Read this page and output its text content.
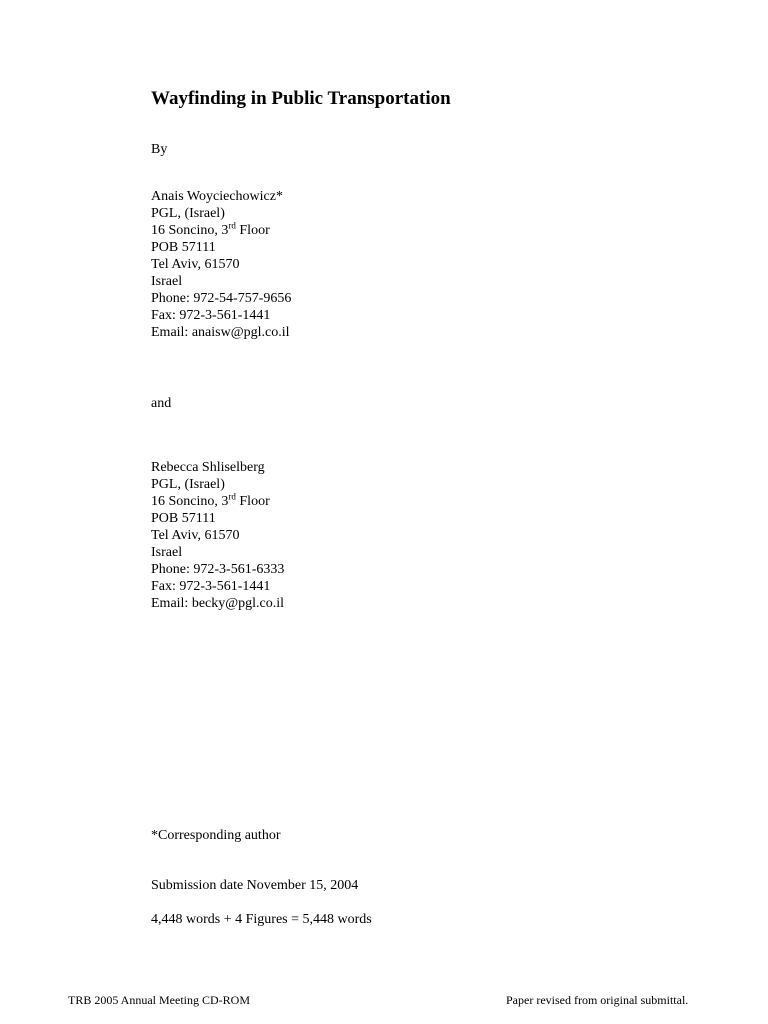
Wayfinding in Public Transportation
By
Anais Woyciechowicz*
PGL, (Israel)
16 Soncino, 3rd Floor
POB 57111
Tel Aviv, 61570
Israel
Phone: 972-54-757-9656
Fax: 972-3-561-1441
Email: anaisw@pgl.co.il
and
Rebecca Shliselberg
PGL, (Israel)
16 Soncino, 3rd Floor
POB 57111
Tel Aviv, 61570
Israel
Phone: 972-3-561-6333
Fax: 972-3-561-1441
Email: becky@pgl.co.il
*Corresponding author
Submission date November 15, 2004
4,448 words + 4 Figures = 5,448 words
TRB 2005 Annual Meeting CD-ROM	Paper revised from original submittal.
